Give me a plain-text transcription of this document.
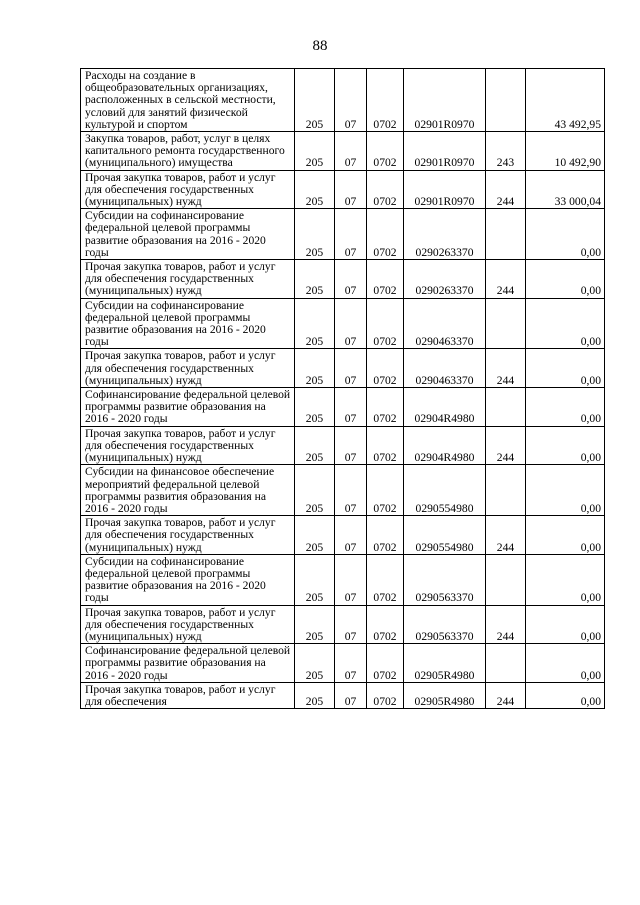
88
Расходы на создание в общеобразовательных организациях, расположенных в сельской местности, условий для занятий физической культурой и спортом	205	07	0702	02901R0970		43 492,95
Закупка товаров, работ, услуг в целях капитального ремонта государственного (муниципального) имущества	205	07	0702	02901R0970	243	10 492,90
Прочая закупка товаров, работ и услуг для обеспечения государственных (муниципальных) нужд	205	07	0702	02901R0970	244	33 000,04
Субсидии на софинансирование федеральной целевой программы развитие образования на 2016 - 2020 годы	205	07	0702	0290263370		0,00
Прочая закупка товаров, работ и услуг для обеспечения государственных (муниципальных) нужд	205	07	0702	0290263370	244	0,00
Субсидии на софинансирование федеральной целевой программы развитие образования на 2016 - 2020 годы	205	07	0702	0290463370		0,00
Прочая закупка товаров, работ и услуг для обеспечения государственных (муниципальных) нужд	205	07	0702	0290463370	244	0,00
Софинансирование федеральной целевой программы развитие образования на 2016 - 2020 годы	205	07	0702	02904R4980		0,00
Прочая закупка товаров, работ и услуг для обеспечения государственных (муниципальных) нужд	205	07	0702	02904R4980	244	0,00
Субсидии на финансовое обеспечение мероприятий федеральной целевой программы развития образования на 2016 - 2020 годы	205	07	0702	0290554980		0,00
Прочая закупка товаров, работ и услуг для обеспечения государственных (муниципальных) нужд	205	07	0702	0290554980	244	0,00
Субсидии на софинансирование федеральной целевой программы развитие образования на 2016 - 2020 годы	205	07	0702	0290563370		0,00
Прочая закупка товаров, работ и услуг для обеспечения государственных (муниципальных) нужд	205	07	0702	0290563370	244	0,00
Софинансирование федеральной целевой программы развитие образования на 2016 - 2020 годы	205	07	0702	02905R4980		0,00
Прочая закупка товаров, работ и услуг для обеспечения	205	07	0702	02905R4980	244	0,00
